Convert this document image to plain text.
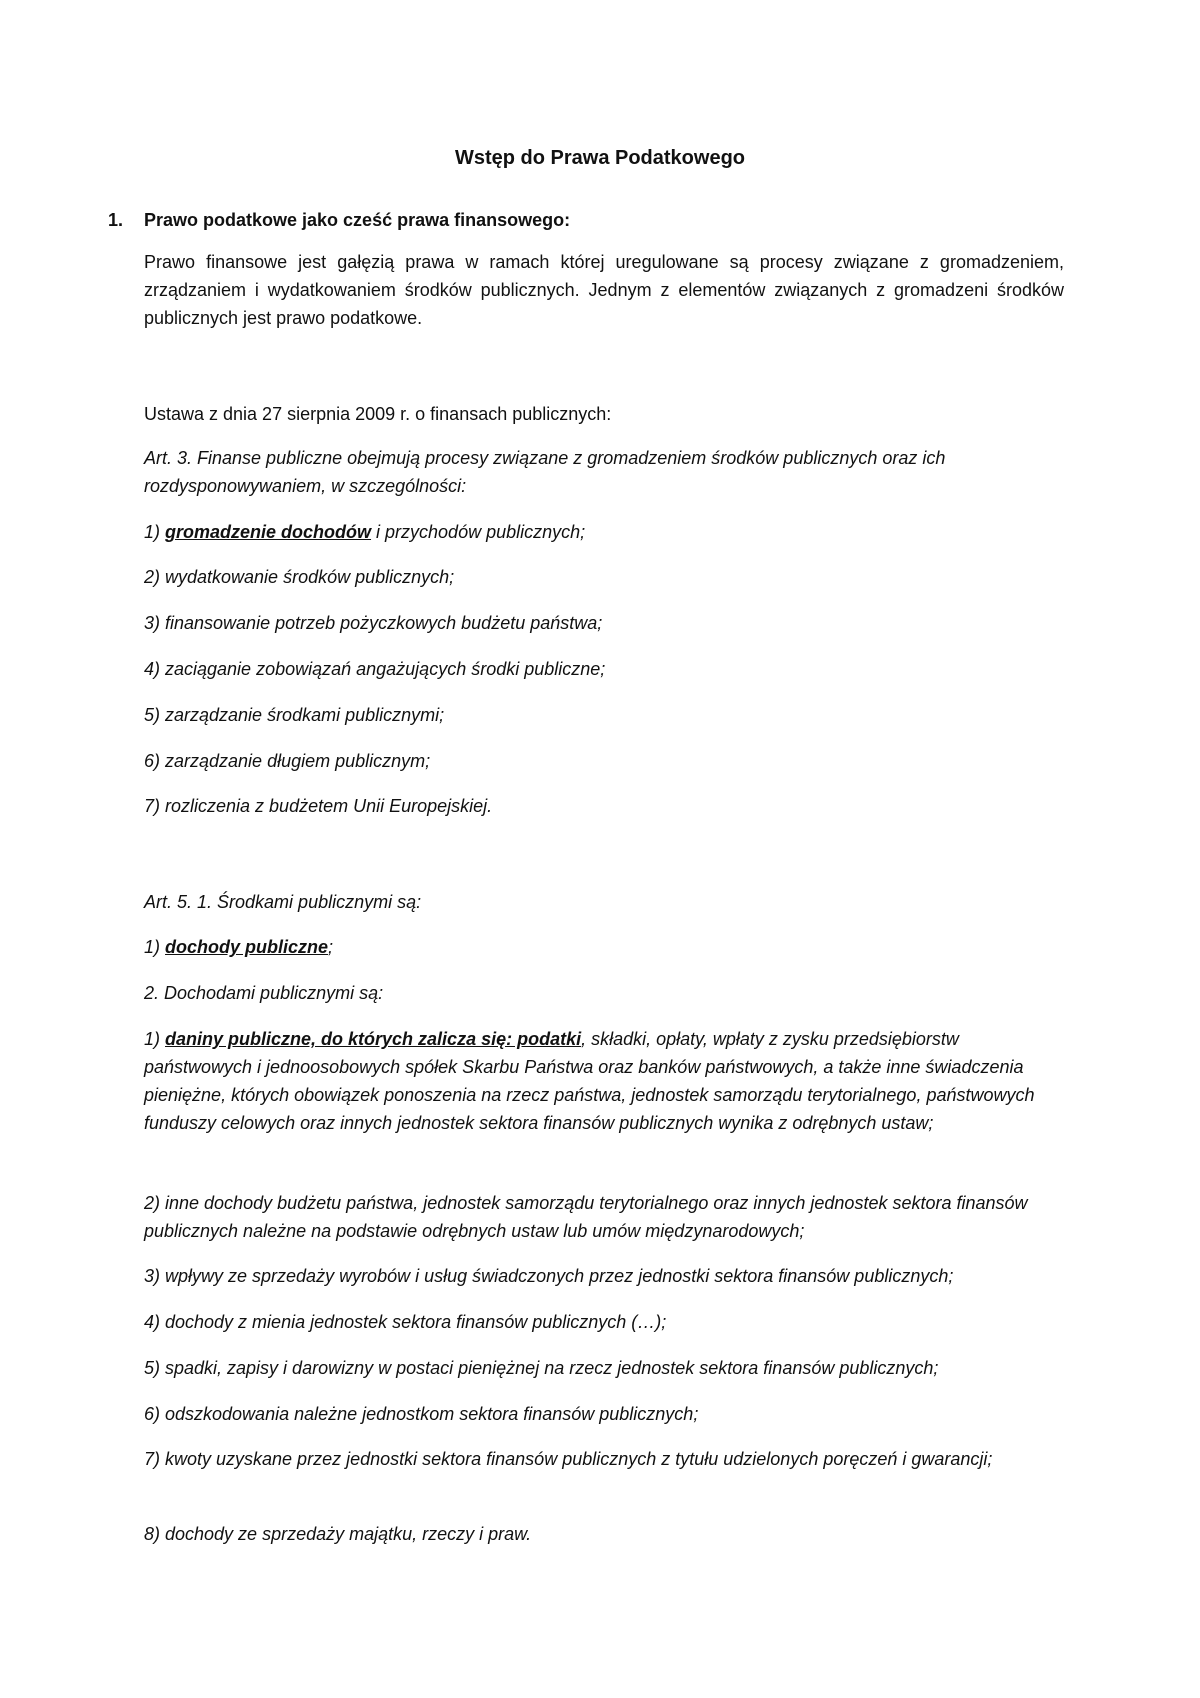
Wstęp do Prawa Podatkowego
1. Prawo podatkowe jako cześć prawa finansowego:
Prawo finansowe jest gałęzią prawa w ramach której uregulowane są procesy związane z gromadzeniem, zrządzaniem i wydatkowaniem środków publicznych. Jednym z elementów związanych z gromadzeni środków publicznych jest prawo podatkowe.
Ustawa z dnia 27 sierpnia 2009 r. o finansach publicznych:
Art. 3. Finanse publiczne obejmują procesy związane z gromadzeniem środków publicznych oraz ich rozdysponowywaniem, w szczególności:
1) gromadzenie dochodów i przychodów publicznych;
2) wydatkowanie środków publicznych;
3) finansowanie potrzeb pożyczkowych budżetu państwa;
4) zaciąganie zobowiązań angażujących środki publiczne;
5) zarządzanie środkami publicznymi;
6) zarządzanie długiem publicznym;
7) rozliczenia z budżetem Unii Europejskiej.
Art. 5. 1. Środkami publicznymi są:
1) dochody publiczne;
2. Dochodami publicznymi są:
1) daniny publiczne, do których zalicza się: podatki, składki, opłaty, wpłaty z zysku przedsiębiorstw państwowych i jednoosobowych spółek Skarbu Państwa oraz banków państwowych, a także inne świadczenia pieniężne, których obowiązek ponoszenia na rzecz państwa, jednostek samorządu terytorialnego, państwowych funduszy celowych oraz innych jednostek sektora finansów publicznych wynika z odrębnych ustaw;
2) inne dochody budżetu państwa, jednostek samorządu terytorialnego oraz innych jednostek sektora finansów publicznych należne na podstawie odrębnych ustaw lub umów międzynarodowych;
3) wpływy ze sprzedaży wyrobów i usług świadczonych przez jednostki sektora finansów publicznych;
4) dochody z mienia jednostek sektora finansów publicznych (…);
5) spadki, zapisy i darowizny w postaci pieniężnej na rzecz jednostek sektora finansów publicznych;
6) odszkodowania należne jednostkom sektora finansów publicznych;
7) kwoty uzyskane przez jednostki sektora finansów publicznych z tytułu udzielonych poręczeń i gwarancji;
8) dochody ze sprzedaży majątku, rzeczy i praw.
